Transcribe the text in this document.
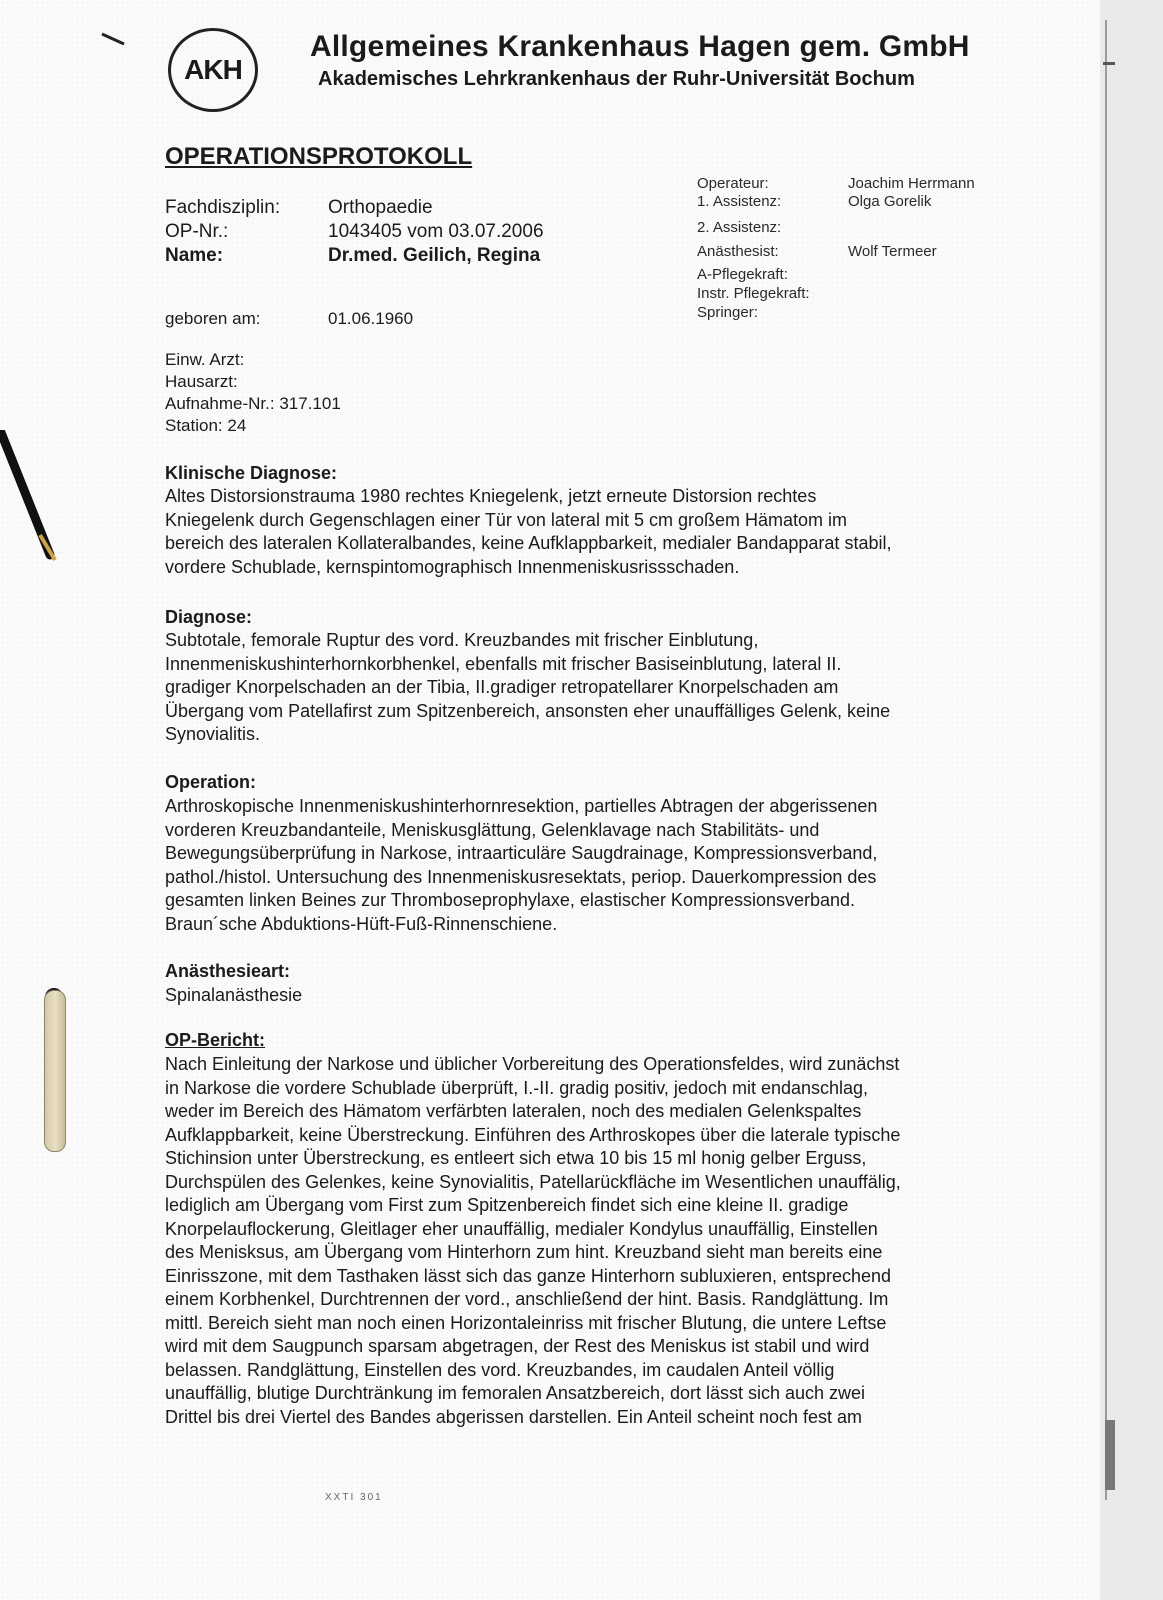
AKH
Allgemeines Krankenhaus Hagen gem. GmbH
Akademisches Lehrkrankenhaus der Ruhr-Universität Bochum
OPERATIONSPROTOKOLL
Fachdisziplin:	Orthopaedie
OP-Nr.:	1043405 vom 03.07.2006
Name:	Dr.med. Geilich, Regina
geboren am:	01.06.1960
Einw. Arzt:
Hausarzt:
Aufnahme-Nr.: 317.101
Station: 24
Operateur:	Joachim Herrmann
1. Assistenz:	Olga Gorelik
2. Assistenz:
Anästhesist:	Wolf Termeer
A-Pflegekraft:
Instr. Pflegekraft:
Springer:
Klinische Diagnose:
Altes Distorsionstrauma 1980 rechtes Kniegelenk, jetzt erneute Distorsion rechtes
Kniegelenk durch Gegenschlagen einer Tür von lateral mit 5 cm großem Hämatom im
bereich des lateralen Kollateralbandes, keine Aufklappbarkeit, medialer Bandapparat stabil,
vordere Schublade, kernspintomographisch Innenmeniskusrissschaden.
Diagnose:
Subtotale, femorale Ruptur des vord. Kreuzbandes mit frischer Einblutung,
Innenmeniskushinterhornkorbhenkel, ebenfalls mit frischer Basiseinblutung, lateral II.
gradiger Knorpelschaden an der Tibia, II.gradiger retropatellarer Knorpelschaden am
Übergang vom Patellafirst zum Spitzenbereich, ansonsten eher unauffälliges Gelenk, keine
Synovialitis.
Operation:
Arthroskopische Innenmeniskushinterhornresektion, partielles Abtragen der abgerissenen
vorderen Kreuzbandanteile, Meniskusglättung, Gelenklavage nach Stabilitäts- und
Bewegungsüberprüfung in Narkose, intraarticuläre Saugdrainage, Kompressionsverband,
pathol./histol. Untersuchung des Innenmeniskusresektats, periop. Dauerkompression des
gesamten linken Beines zur Thromboseprophylaxe, elastischer Kompressionsverband.
Braun´sche Abduktions-Hüft-Fuß-Rinnenschiene.
Anästhesieart:
Spinalanästhesie
OP-Bericht:
Nach Einleitung der Narkose und üblicher Vorbereitung des Operationsfeldes, wird zunächst
in Narkose die vordere Schublade überprüft, I.-II. gradig positiv, jedoch mit endanschlag,
weder im Bereich des Hämatom verfärbten lateralen, noch des medialen Gelenkspaltes
Aufklappbarkeit, keine Überstreckung. Einführen des Arthroskopes über die laterale typische
Stichinsion unter Überstreckung, es entleert sich etwa 10 bis 15 ml honig gelber Erguss,
Durchspülen des Gelenkes, keine Synovialitis, Patellarückfläche im Wesentlichen unauffälig,
lediglich am Übergang vom First zum Spitzenbereich findet sich eine kleine II. gradige
Knorpelauflockerung, Gleitlager eher unauffällig, medialer Kondylus unauffällig, Einstellen
des Menisksus, am Übergang vom Hinterhorn zum hint. Kreuzband sieht man bereits eine
Einrisszone, mit dem Tasthaken lässt sich das ganze Hinterhorn subluxieren, entsprechend
einem Korbhenkel, Durchtrennen der vord., anschließend der hint. Basis. Randglättung. Im
mittl. Bereich sieht man noch einen Horizontaleinriss mit frischer Blutung, die untere Leftse
wird mit dem Saugpunch sparsam abgetragen, der Rest des Meniskus ist stabil und wird
belassen. Randglättung, Einstellen des vord. Kreuzbandes, im caudalen Anteil völlig
unauffällig, blutige Durchtränkung im femoralen Ansatzbereich, dort lässt sich auch zwei
Drittel bis drei Viertel des Bandes abgerissen darstellen. Ein Anteil scheint noch fest am
XXTI 301
